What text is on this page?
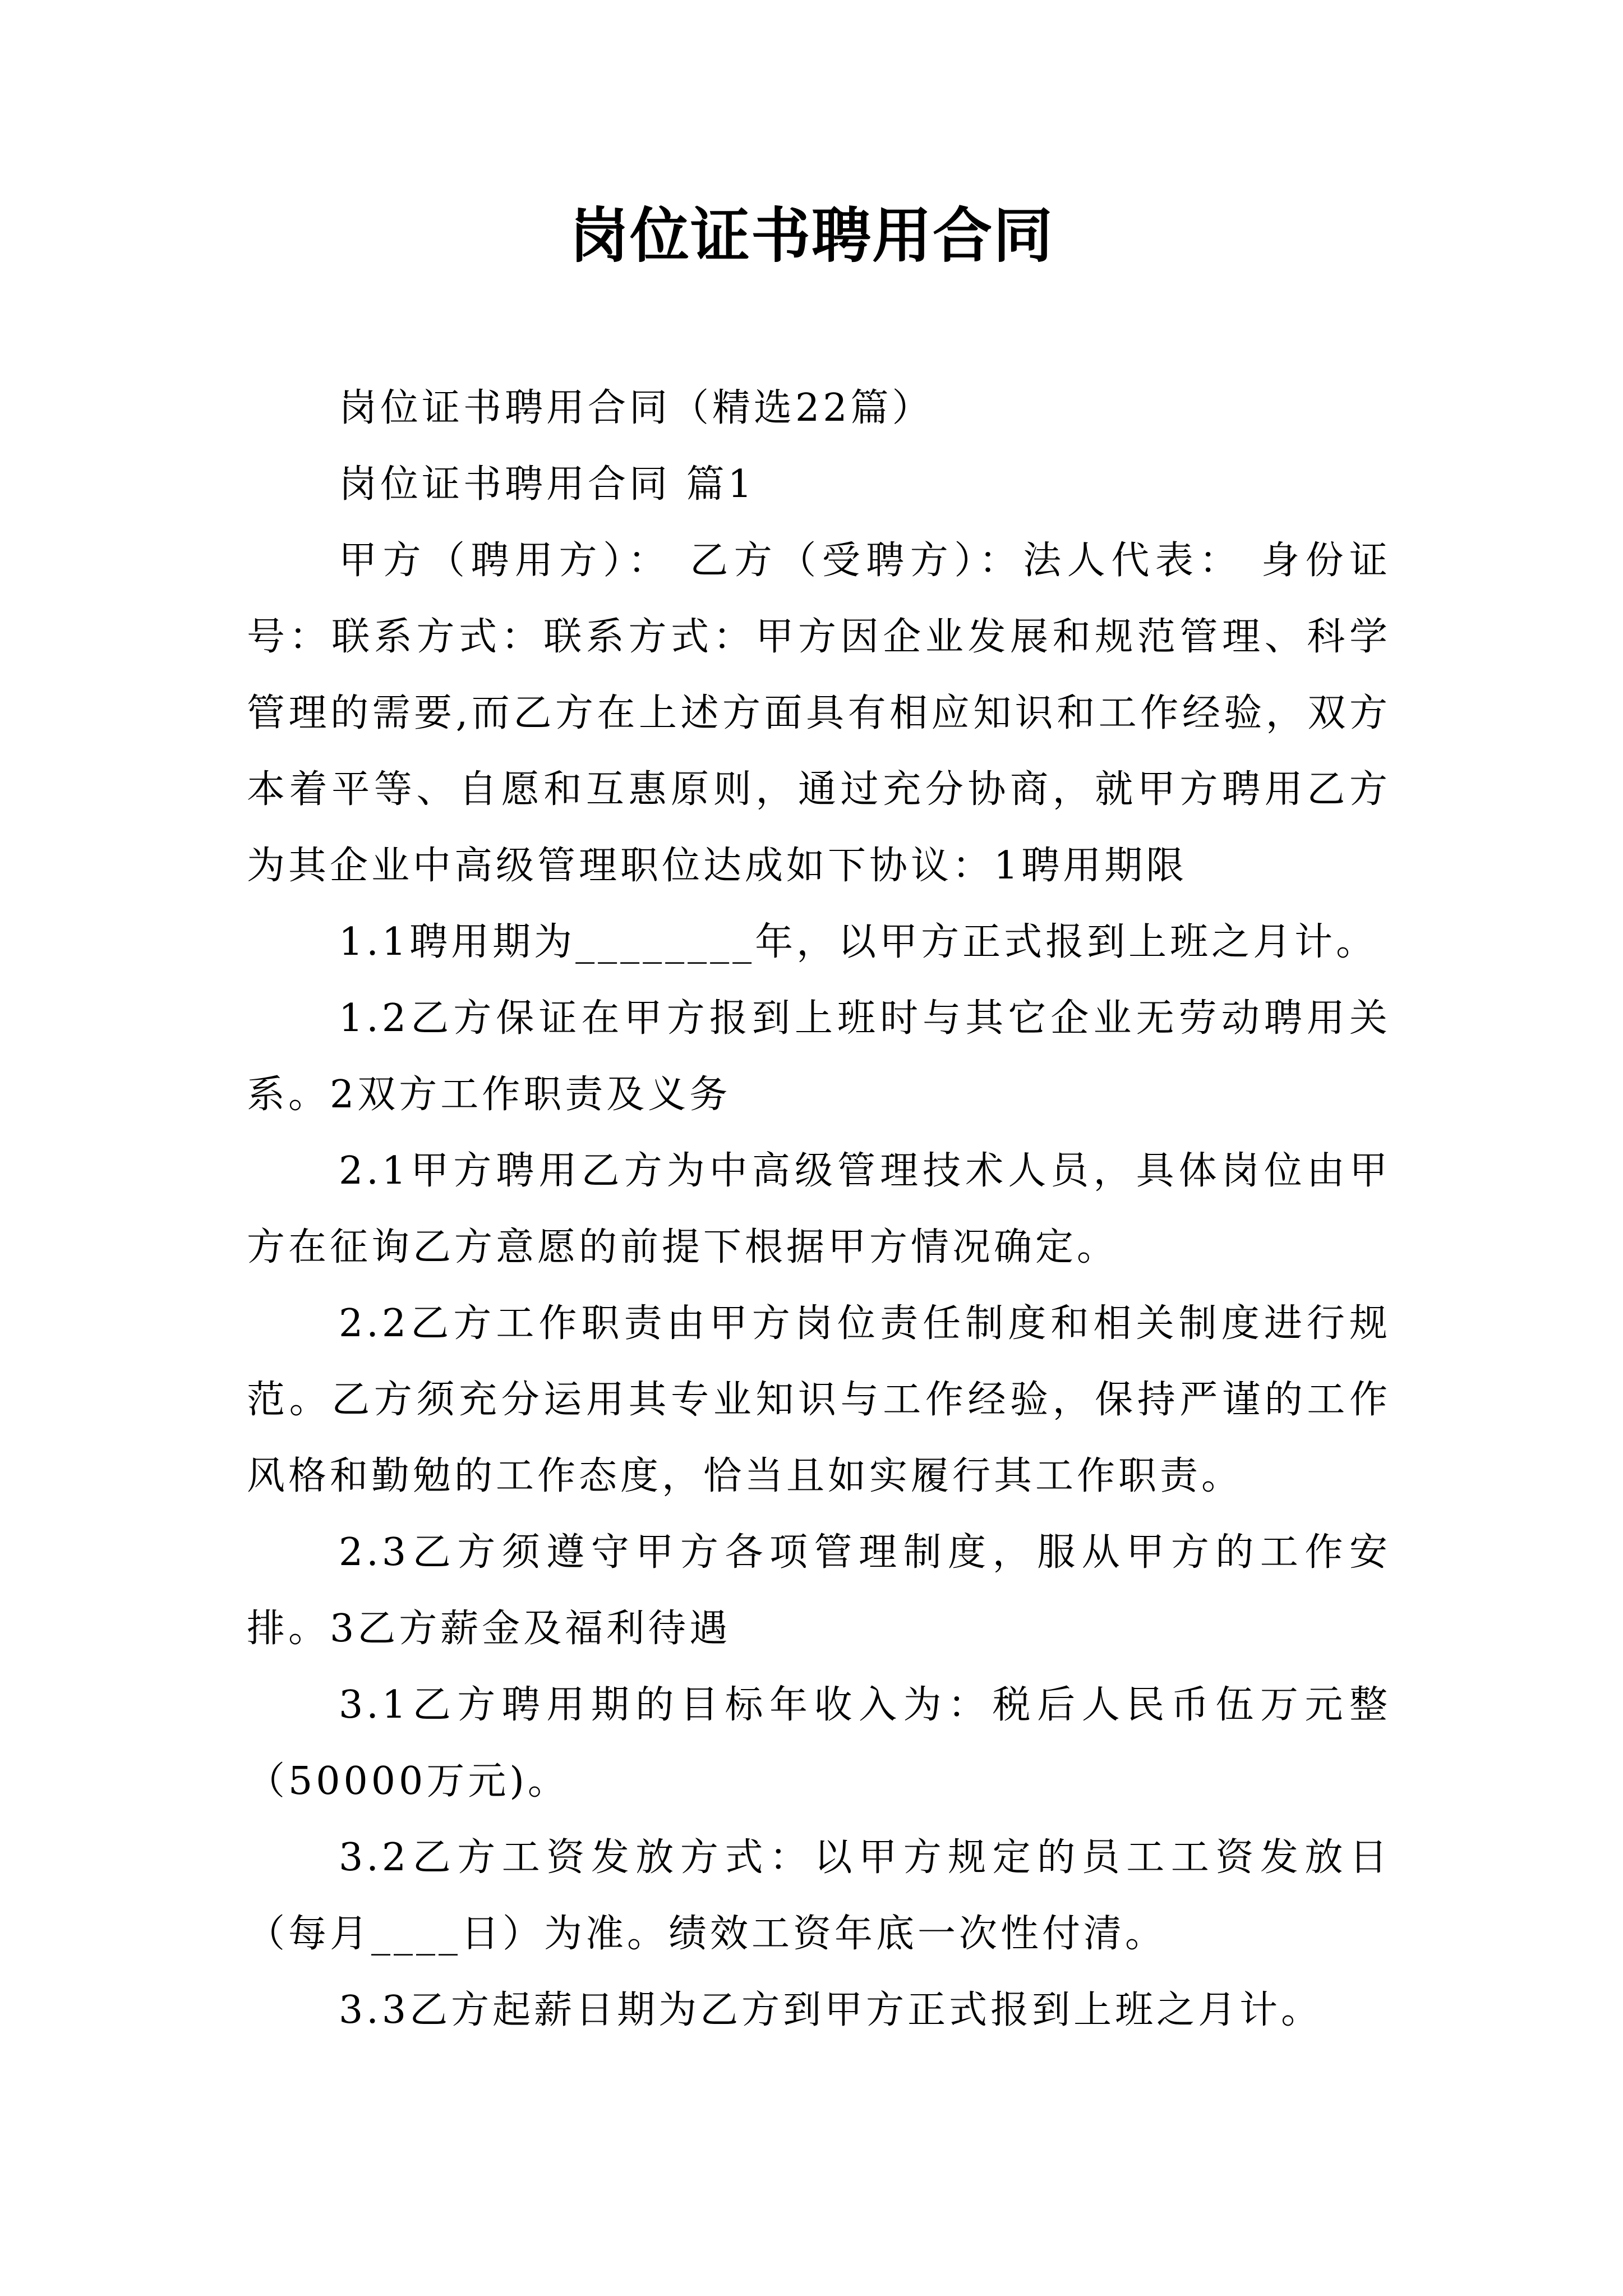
岗位证书聘用合同

岗位证书聘用合同（精选22篇）

岗位证书聘用合同 篇1

甲方（聘用方）： 乙方（受聘方）：法人代表： 身份证号：联系方式：联系方式：甲方因企业发展和规范管理、科学管理的需要,而乙方在上述方面具有相应知识和工作经验，双方本着平等、自愿和互惠原则，通过充分协商，就甲方聘用乙方为其企业中高级管理职位达成如下协议：1聘用期限

1.1聘用期为________年，以甲方正式报到上班之月计。

1.2乙方保证在甲方报到上班时与其它企业无劳动聘用关系。2双方工作职责及义务

2.1甲方聘用乙方为中高级管理技术人员，具体岗位由甲方在征询乙方意愿的前提下根据甲方情况确定。

2.2乙方工作职责由甲方岗位责任制度和相关制度进行规范。乙方须充分运用其专业知识与工作经验，保持严谨的工作风格和勤勉的工作态度，恰当且如实履行其工作职责。

2.3乙方须遵守甲方各项管理制度，服从甲方的工作安排。3乙方薪金及福利待遇

3.1乙方聘用期的目标年收入为：税后人民币伍万元整（50000万元)。

3.2乙方工资发放方式：以甲方规定的员工工资发放日（每月____日）为准。绩效工资年底一次性付清。

3.3乙方起薪日期为乙方到甲方正式报到上班之月计。
